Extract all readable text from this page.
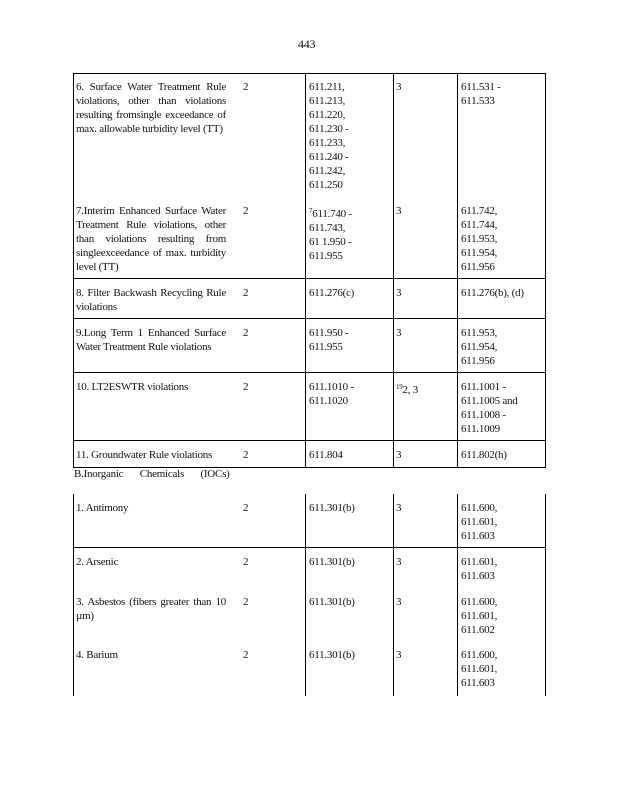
443
B.Inorganic Chemicals (IOCs)
6. Surface Water Treatment Rule violations, other than violations resulting fromsingle exceedance of max. allowable turbidity level (TT)
2	611.211,
611.213,
611.220,
611.230 -
611.233,
611.240 -
611.242,
611.250
3	611.531 -
611.533
7.Interim Enhanced Surface Water Treatment Rule violations, other than violations resulting from singleexceedance of max. turbidity level (TT)
2	$^7$611.740 -
611.743,
61 1.950 -
611.955
3	611.742,
611.744,
611.953,
611.954,
611.956
8. Filter Backwash Recycling Rule violations
2	611.276(c)	3	611.276(b), (d)
9.Long Term 1 Enhanced Surface Water Treatment Rule violations
2	611.950 -
611.955
3	611.953,
611.954,
611.956
10. LT2ESWTR violations	2	611.1010 -
611.1020
$^{19}$2, 3	611.1001 -
611.1005 and
611.1008 -
611.1009
11. Groundwater Rule violations	2	611.804	3	611.802(h)
1. Antimony	2	611.301(b)	3	611.600,
611.601,
611.603
2. Arsenic	2	611.301(b)	3	611.601,
611.603
3. Asbestos (fibers greater than 10 µm)
2	611.301(b)	3	611.600,
611.601,
611.602
4. Barium	2	611.301(b)	3	611.600,
611.601,
611.603
